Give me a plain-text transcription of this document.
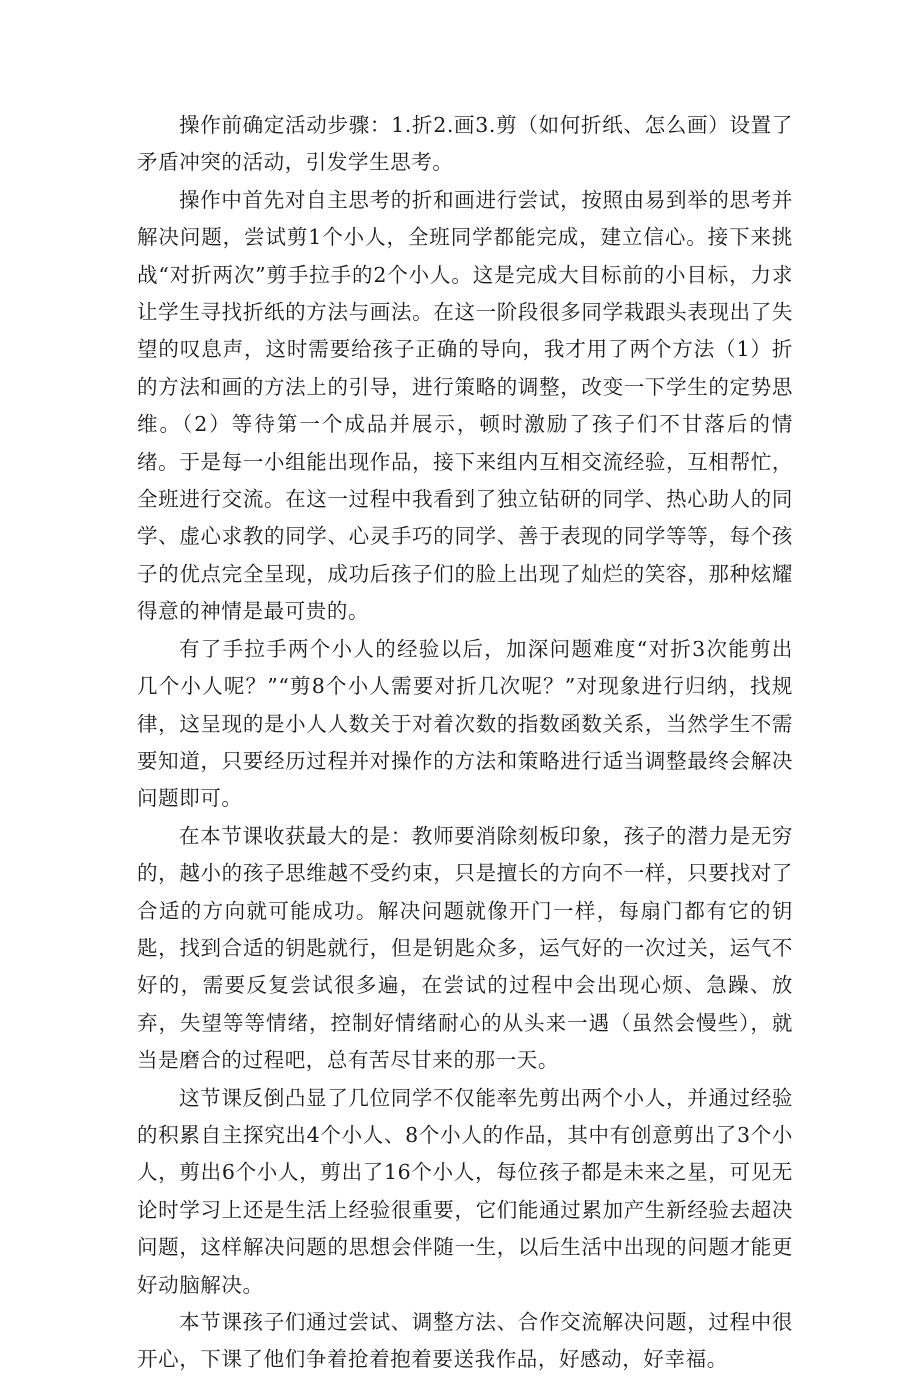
操作前确定活动步骤：1.折2.画3.剪（如何折纸、怎么画）设置了矛盾冲突的活动，引发学生思考。

操作中首先对自主思考的折和画进行尝试，按照由易到举的思考并解决问题，尝试剪1个小人，全班同学都能完成，建立信心。接下来挑战“对折两次”剪手拉手的2个小人。这是完成大目标前的小目标，力求让学生寻找折纸的方法与画法。在这一阶段很多同学栽跟头表现出了失望的叹息声，这时需要给孩子正确的导向，我才用了两个方法（1）折的方法和画的方法上的引导，进行策略的调整，改变一下学生的定势思维。（2）等待第一个成品并展示，顿时激励了孩子们不甘落后的情绪。于是每一小组能出现作品，接下来组内互相交流经验，互相帮忙，全班进行交流。在这一过程中我看到了独立钻研的同学、热心助人的同学、虚心求教的同学、心灵手巧的同学、善于表现的同学等等，每个孩子的优点完全呈现，成功后孩子们的脸上出现了灿烂的笑容，那种炫耀得意的神情是最可贵的。

有了手拉手两个小人的经验以后，加深问题难度“对折3次能剪出几个小人呢？”“剪8个小人需要对折几次呢？”对现象进行归纳，找规律，这呈现的是小人人数关于对着次数的指数函数关系，当然学生不需要知道，只要经历过程并对操作的方法和策略进行适当调整最终会解决问题即可。

在本节课收获最大的是：教师要消除刻板印象，孩子的潜力是无穷的，越小的孩子思维越不受约束，只是擅长的方向不一样，只要找对了合适的方向就可能成功。解决问题就像开门一样，每扇门都有它的钥匙，找到合适的钥匙就行，但是钥匙众多，运气好的一次过关，运气不好的，需要反复尝试很多遍，在尝试的过程中会出现心烦、急躁、放弃，失望等等情绪，控制好情绪耐心的从头来一遇（虽然会慢些），就当是磨合的过程吧，总有苦尽甘来的那一天。

这节课反倒凸显了几位同学不仅能率先剪出两个小人，并通过经验的积累自主探究出4个小人、8个小人的作品，其中有创意剪出了3个小人，剪出6个小人，剪出了16个小人，每位孩子都是未来之星，可见无论时学习上还是生活上经验很重要，它们能通过累加产生新经验去超决问题，这样解决问题的思想会伴随一生，以后生活中出现的问题才能更好动脑解决。

本节课孩子们通过尝试、调整方法、合作交流解决问题，过程中很开心，下课了他们争着抢着抱着要送我作品，好感动，好幸福。
